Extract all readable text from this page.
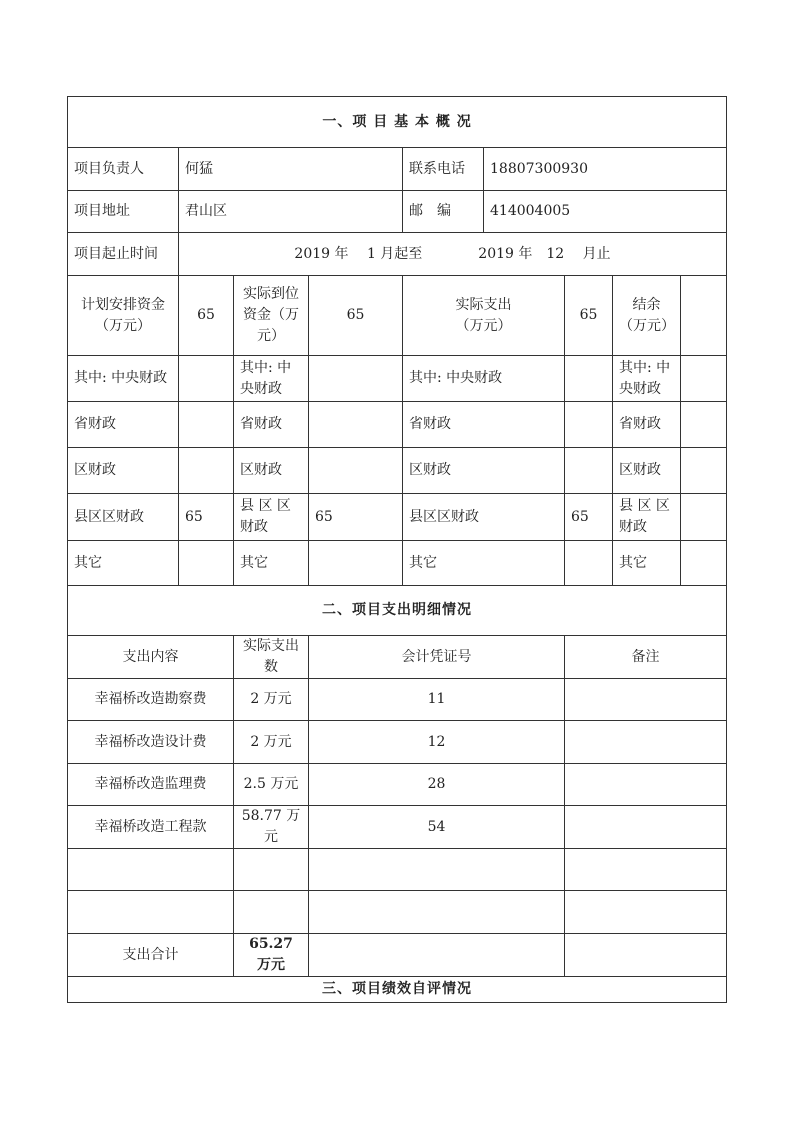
一、项 目 基 本 概 况								
项目负责人	何猛			联系电话	18807300930			
项目地址	君山区			邮　编	414004005			
项目起止时间	2019 年　 1 月起至　　　　2019 年　12　 月止							
计划安排资金（万元）	65	实际到位资金（万元）	65	实际支出（万元）		65	结余（万元）	
其中: 中央财政		其中: 中央财政		其中: 中央财政			其中: 中央财政	
省财政		省财政		省财政			省财政	
区财政		区财政		区财政			区财政	
县区区财政	65	县 区 区财政	65	县区区财政		65	县 区 区财政	
其它		其它		其它			其它	
二、项目支出明细情况								
支出内容		实际支出数	会计凭证号			备注		
幸福桥改造勘察费		2 万元	11					
幸福桥改造设计费		2 万元	12					
幸福桥改造监理费		2.5 万元	28					
幸福桥改造工程款		58.77 万元	54					

支出合计		65.27 万元						
三、项目绩效自评情况								
